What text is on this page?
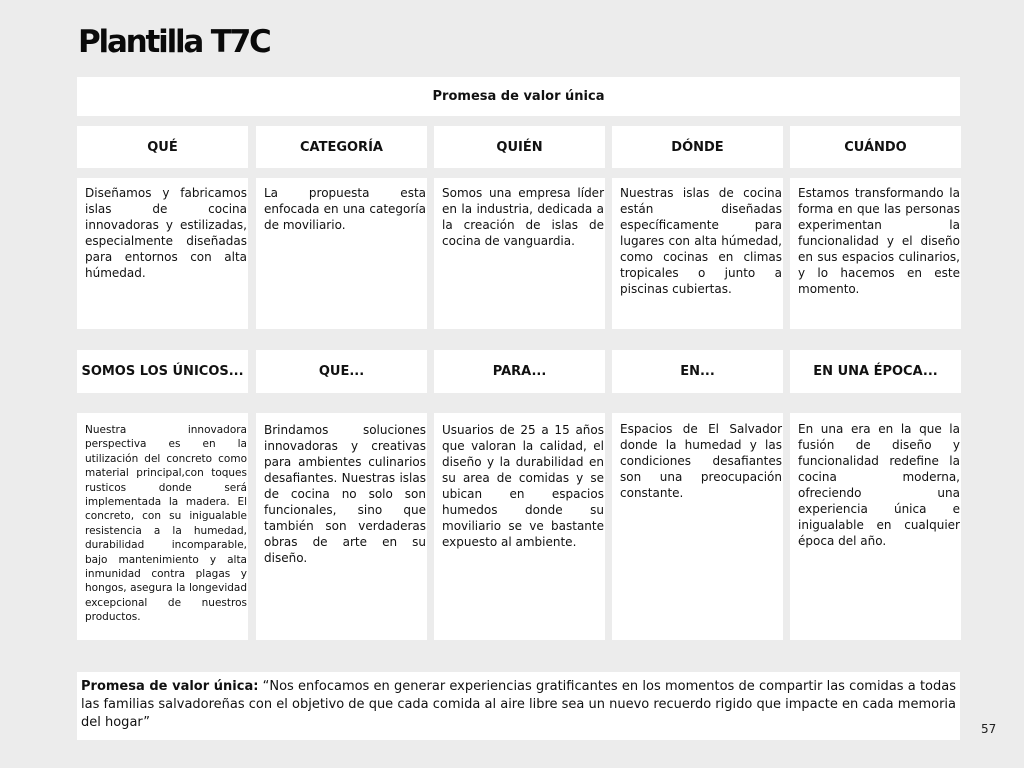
Plantilla T7C
Promesa de valor única
QUÉ	CATEGORÍA	QUIÉN	DÓNDE	CUÁNDO
Diseñamos y fabricamos islas de cocina innovadoras y estilizadas, especialmente diseñadas para entornos con alta húmedad.
La propuesta esta enfocada en una categoría de moviliario.
Somos una empresa líder en la industria, dedicada a la creación de islas de cocina de vanguardia.
Nuestras islas de cocina están diseñadas específicamente para lugares con alta húmedad, como cocinas en climas tropicales o junto a piscinas cubiertas.
Estamos transformando la forma en que las personas experimentan la funcionalidad y el diseño en sus espacios culinarios, y lo hacemos en este momento.
SOMOS LOS ÚNICOS...	QUE...	PARA...	EN...	EN UNA ÉPOCA...
Nuestra innovadora perspectiva es en la utilización del concreto como material principal,con toques rusticos donde será implementada la madera. El concreto, con su inigualable resistencia a la humedad, durabilidad incomparable, bajo mantenimiento y alta inmunidad contra plagas y hongos, asegura la longevidad excepcional de nuestros productos.
Brindamos soluciones innovadoras y creativas para ambientes culinarios desafiantes. Nuestras islas de cocina no solo son funcionales, sino que también son verdaderas obras de arte en su diseño.
Usuarios de 25 a 15 años que valoran la calidad, el diseño y la durabilidad en su area de comidas y se ubican en espacios humedos donde su moviliario se ve bastante expuesto al ambiente.
Espacios de El Salvador donde la humedad y las condiciones desafiantes son una preocupación constante.
En una era en la que la fusión de diseño y funcionalidad redefine la cocina moderna, ofreciendo una experiencia única e inigualable en cualquier época del año.
Promesa de valor única: “Nos enfocamos en generar experiencias gratificantes en los momentos de compartir las comidas a todas las familias salvadoreñas con el objetivo de que cada comida al aire libre sea un nuevo recuerdo rigido que impacte en cada memoria del hogar”	57
